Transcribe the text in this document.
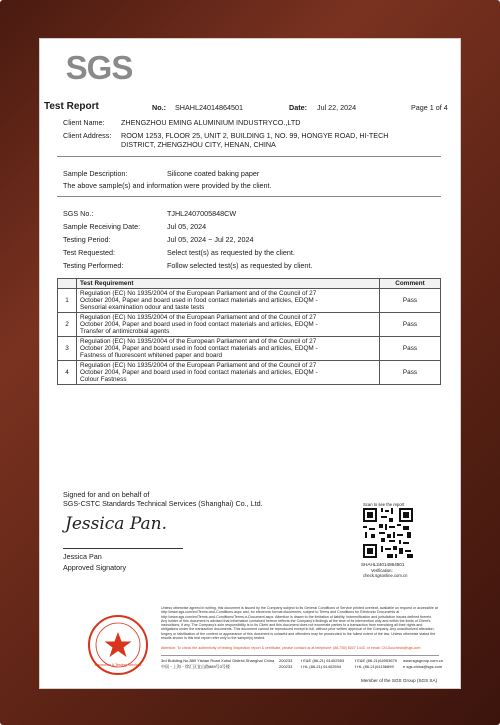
SGS
Test Report	No.: SHAHL24014864501	Date: Jul 22, 2024	Page 1 of 4
Client Name: ZHENGZHOU EMING ALUMINIUM INDUSTRYCO.,LTD
Client Address: ROOM 1253, FLOOR 25, UNIT 2, BUILDING 1, NO. 99, HONGYE ROAD, HI-TECH
DISTRICT, ZHENGZHOU CITY, HENAN, CHINA
Sample Description:	Silicone coated baking paper
The above sample(s) and information were provided by the client.
SGS No.:	TJHL2407005848CW
Sample Receiving Date:	Jul 05, 2024
Testing Period:	Jul 05, 2024 ~ Jul 22, 2024
Test Requested:	Select test(s) as requested by the client.
Testing Performed:	Follow selected test(s) as requested by client.
	Test Requirement	Comment
1	Regulation (EC) No 1935/2004 of the European Parliament and of the Council of 27
October 2004, Paper and board used in food contact materials and articles, EDQM -
Sensorial examination odour and taste tests	Pass
2	Regulation (EC) No 1935/2004 of the European Parliament and of the Council of 27
October 2004, Paper and board used in food contact materials and articles, EDQM -
Transfer of antimicrobial agents	Pass
3	Regulation (EC) No 1935/2004 of the European Parliament and of the Council of 27
October 2004, Paper and board used in food contact materials and articles, EDQM -
Fastness of fluorescent whitened paper and board	Pass
4	Regulation (EC) No 1935/2004 of the European Parliament and of the Council of 27
October 2004, Paper and board used in food contact materials and articles, EDQM -
Colour Fastness	Pass
Signed for and on behalf of
SGS-CSTC Standards Technical Services (Shanghai) Co., Ltd.
Jessica Pan.
Jessica Pan
Approved Signatory
Scan to see the report
SHAHL24014864501
Verification:
check.sgsonline.com.cn
Inspection & Testing Services
Unless otherwise agreed in writing, this document is issued by the Company subject to its General Conditions of Service printed overleaf, available on request or accessible at http://www.sgs.com/en/Terms-and-Conditions.aspx and, for electronic format documents, subject to Terms and Conditions for Electronic Documents at http://www.sgs.com/en/Terms-and-Conditions/Terms-e-Document.aspx. Attention is drawn to the limitation of liability, indemnification and jurisdiction issues defined therein. Any holder of this document is advised that information contained hereon reflects the Company's findings at the time of its intervention only and within the limits of Client's instructions, if any. The Company's sole responsibility is to its Client and this document does not exonerate parties to a transaction from exercising all their rights and obligations under the transaction documents. This document cannot be reproduced except in full, without prior written approval of the Company. Any unauthorized alteration, forgery or falsification of the content or appearance of this document is unlawful and offenders may be prosecuted to the fullest extent of the law. Unless otherwise stated the results shown in this test report refer only to the sample(s) tested.
Attention: To check the authenticity of testing /inspection report & certificate, please contact us at telephone: (86-755) 8307 1443, or email: CN.Doccheck@sgs.com
3rd Building,No.889 Yishan Road Xuhui District,Shanghai China 200233 t E&E (86-21) 61402553	f E&E (86-21)64953679 www.sgsgroup.com.cn
中国・上海・徐汇区宜山路889号3号楼	200233 t HL (86-21) 61402594	f HL (86-21)61156899 e sgs.china@sgs.com
Member of the SGS Group (SGS SA)
